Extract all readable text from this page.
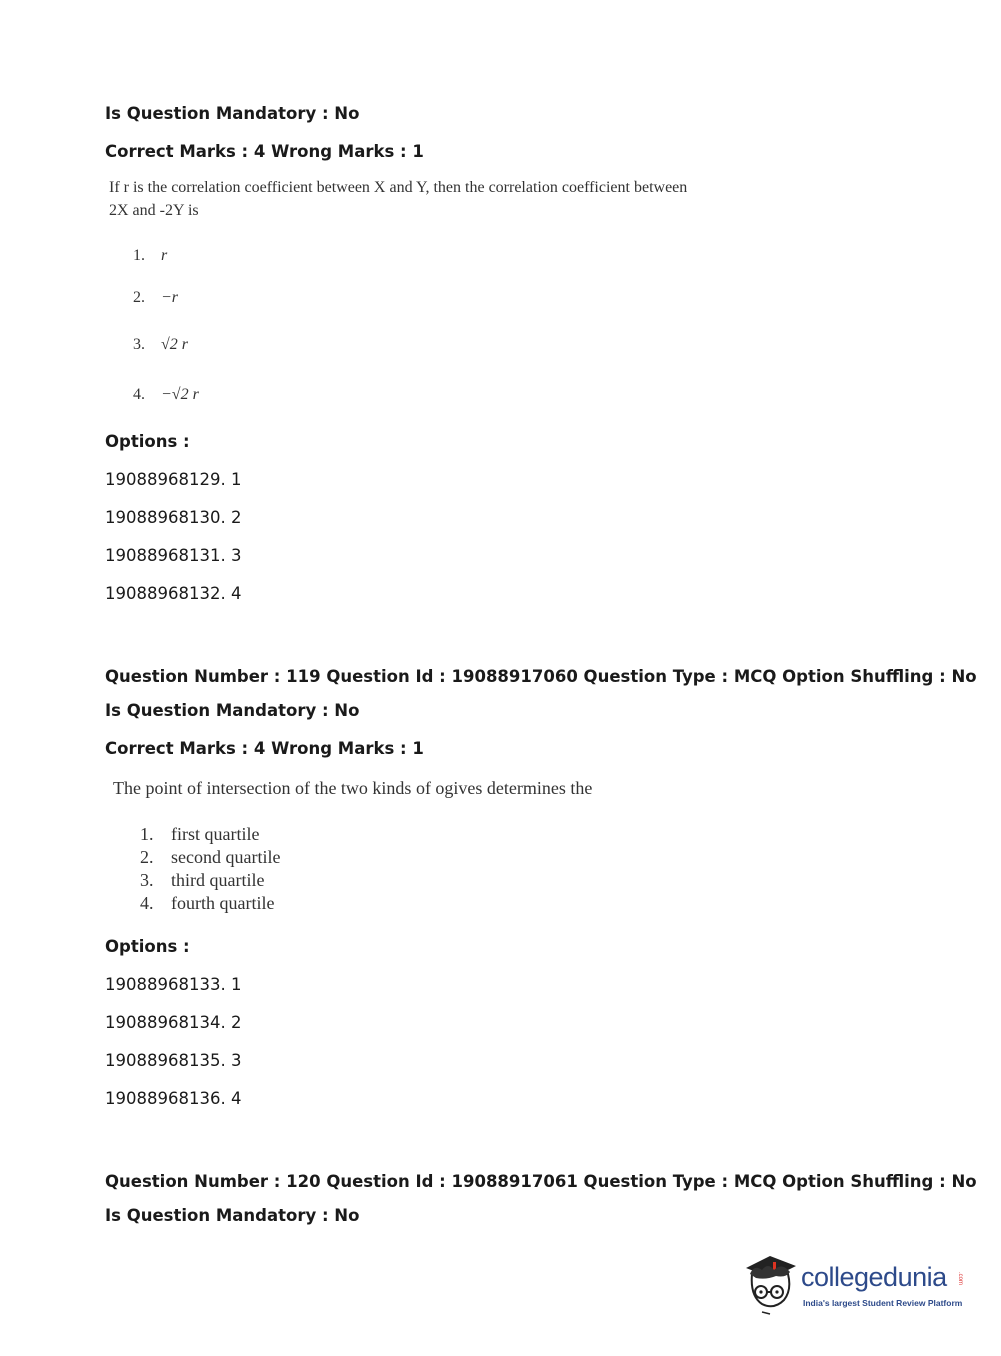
Is Question Mandatory : No
Correct Marks : 4 Wrong Marks : 1
If r is the correlation coefficient between X and Y, then the correlation coefficient between
2X and -2Y is
1. r
2. −r
3. √2 r
4. −√2 r
Options :
19088968129. 1
19088968130. 2
19088968131. 3
19088968132. 4
Question Number : 119 Question Id : 19088917060 Question Type : MCQ Option Shuffling : No
Is Question Mandatory : No
Correct Marks : 4 Wrong Marks : 1
The point of intersection of the two kinds of ogives determines the
1. first quartile
2. second quartile
3. third quartile
4. fourth quartile
Options :
19088968133. 1
19088968134. 2
19088968135. 3
19088968136. 4
Question Number : 120 Question Id : 19088917061 Question Type : MCQ Option Shuffling : No
Is Question Mandatory : No
collegedunia .com
India's largest Student Review Platform
